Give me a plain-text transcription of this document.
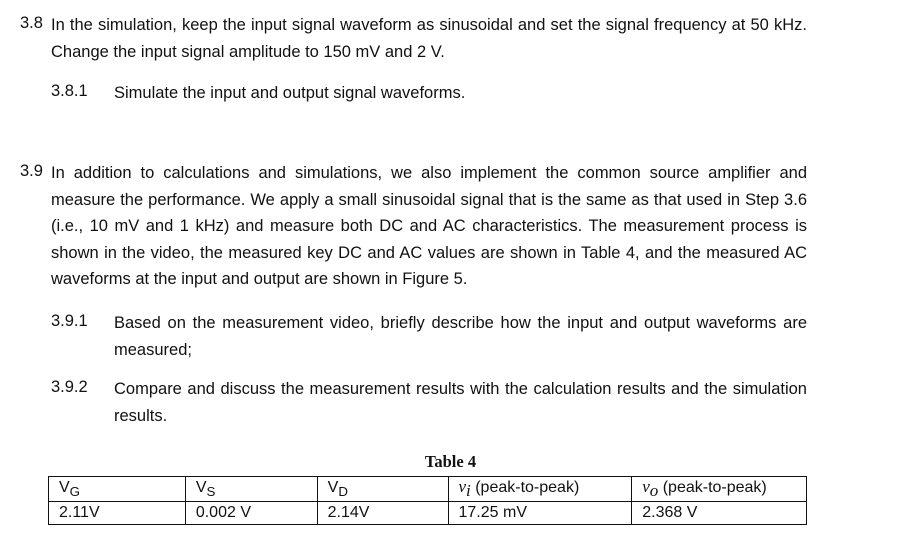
3.8 In the simulation, keep the input signal waveform as sinusoidal and set the signal frequency at 50 kHz. Change the input signal amplitude to 150 mV and 2 V.
3.8.1 Simulate the input and output signal waveforms.
3.9 In addition to calculations and simulations, we also implement the common source amplifier and measure the performance. We apply a small sinusoidal signal that is the same as that used in Step 3.6 (i.e., 10 mV and 1 kHz) and measure both DC and AC characteristics. The measurement process is shown in the video, the measured key DC and AC values are shown in Table 4, and the measured AC waveforms at the input and output are shown in Figure 5.
3.9.1 Based on the measurement video, briefly describe how the input and output waveforms are measured;
3.9.2 Compare and discuss the measurement results with the calculation results and the simulation results.
Table 4
$V_G$	$V_S$	$V_D$	$v_i$ (peak-to-peak)	$v_o$ (peak-to-peak)
2.11V	0.002 V	2.14V	17.25 mV	2.368 V
